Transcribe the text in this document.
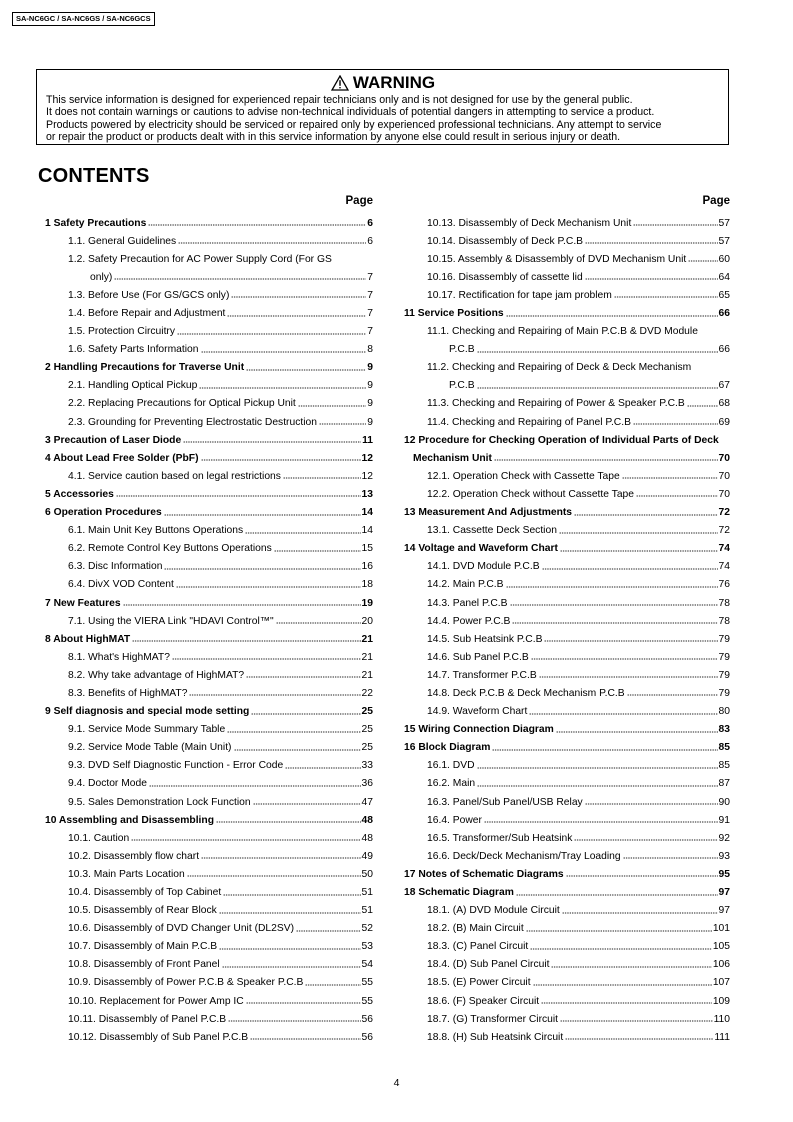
SA-NC6GC / SA-NC6GS / SA-NC6GCS
WARNING
This service information is designed for experienced repair technicians only and is not designed for use by the general public.
It does not contain warnings or cautions to advise non-technical individuals of potential dangers in attempting to service a product.
Products powered by electricity should be serviced or repaired only by experienced professional technicians. Any attempt to service
or repair the product or products dealt with in this service information by anyone else could result in serious injury or death.
CONTENTS
Page
1 Safety Precautions	6
1.1. General Guidelines	6
1.2. Safety Precaution for AC Power Supply Cord (For GS
only)	7
1.3. Before Use (For GS/GCS only)	7
1.4. Before Repair and Adjustment	7
1.5. Protection Circuitry	7
1.6. Safety Parts Information	8
2 Handling Precautions for Traverse Unit	9
2.1. Handling Optical Pickup	9
2.2. Replacing Precautions for Optical Pickup Unit	9
2.3. Grounding for Preventing Electrostatic Destruction	9
3 Precaution of Laser Diode	11
4 About Lead Free Solder (PbF)	12
4.1. Service caution based on legal restrictions	12
5 Accessories	13
6 Operation Procedures	14
6.1. Main Unit Key Buttons Operations	14
6.2. Remote Control Key Buttons Operations	15
6.3. Disc Information	16
6.4. DivX VOD Content	18
7 New Features	19
7.1. Using the VIERA Link "HDAVI Control™"	20
8 About HighMAT	21
8.1. What's HighMAT?	21
8.2. Why take advantage of HighMAT?	21
8.3. Benefits of HighMAT?	22
9 Self diagnosis and special mode setting	25
9.1. Service Mode Summary Table	25
9.2. Service Mode Table (Main Unit)	25
9.3. DVD Self Diagnostic Function - Error Code	33
9.4. Doctor Mode	36
9.5. Sales Demonstration Lock Function	47
10 Assembling and Disassembling	48
10.1. Caution	48
10.2. Disassembly flow chart	49
10.3. Main Parts Location	50
10.4. Disassembly of Top Cabinet	51
10.5. Disassembly of Rear Block	51
10.6. Disassembly of DVD Changer Unit (DL2SV)	52
10.7. Disassembly of Main P.C.B	53
10.8. Disassembly of Front Panel	54
10.9. Disassembly of Power P.C.B & Speaker P.C.B	55
10.10. Replacement for Power Amp IC	55
10.11. Disassembly of Panel P.C.B	56
10.12. Disassembly of Sub Panel P.C.B	56
Page
10.13. Disassembly of Deck Mechanism Unit	57
10.14. Disassembly of Deck P.C.B	57
10.15. Assembly & Disassembly of DVD Mechanism Unit	60
10.16. Disassembly of cassette lid	64
10.17. Rectification for tape jam problem	65
11 Service Positions	66
11.1. Checking and Repairing of Main P.C.B & DVD Module
P.C.B	66
11.2. Checking and Repairing of Deck & Deck Mechanism
P.C.B	67
11.3. Checking and Repairing of Power & Speaker P.C.B	68
11.4. Checking and Repairing of Panel P.C.B	69
12 Procedure for Checking Operation of Individual Parts of Deck
Mechanism Unit	70
12.1. Operation Check with Cassette Tape	70
12.2. Operation Check without Cassette Tape	70
13 Measurement And Adjustments	72
13.1. Cassette Deck Section	72
14 Voltage and Waveform Chart	74
14.1. DVD Module P.C.B	74
14.2. Main P.C.B	76
14.3. Panel P.C.B	78
14.4. Power P.C.B	78
14.5. Sub Heatsink P.C.B	79
14.6. Sub Panel P.C.B	79
14.7. Transformer P.C.B	79
14.8. Deck P.C.B & Deck Mechanism P.C.B	79
14.9. Waveform Chart	80
15 Wiring Connection Diagram	83
16 Block Diagram	85
16.1. DVD	85
16.2. Main	87
16.3. Panel/Sub Panel/USB Relay	90
16.4. Power	91
16.5. Transformer/Sub Heatsink	92
16.6. Deck/Deck Mechanism/Tray Loading	93
17 Notes of Schematic Diagrams	95
18 Schematic Diagram	97
18.1. (A) DVD Module Circuit	97
18.2. (B) Main Circuit	101
18.3. (C) Panel Circuit	105
18.4. (D) Sub Panel Circuit	106
18.5. (E) Power Circuit	107
18.6. (F) Speaker Circuit	109
18.7. (G) Transformer Circuit	110
18.8. (H) Sub Heatsink Circuit	111
4
